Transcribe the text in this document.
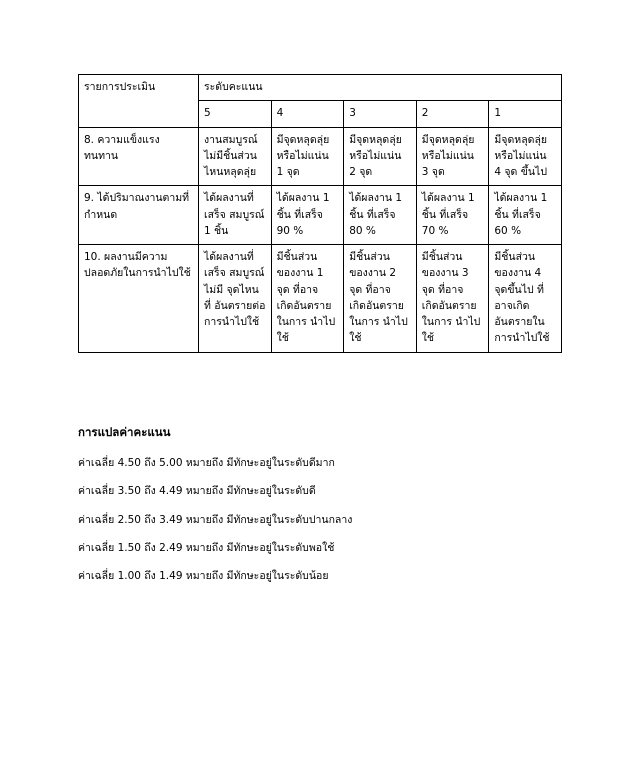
รายการประเมิน	ระดับคะแนน				
	5	4	3	2	1
8. ความแข็งแรงทนทาน	งานสมบูรณ์ ไม่มีชิ้นส่วน ไหนหลุดลุ่ย	มีจุดหลุดลุ่ย หรือไม่แน่น 1 จุด	มีจุดหลุดลุ่ย หรือไม่แน่น 2 จุด	มีจุดหลุดลุ่ย หรือไม่แน่น 3 จุด	มีจุดหลุดลุ่ย หรือไม่แน่น 4 จุด ขึ้นไป
9. ได้ปริมาณงานตามที่กำหนด	ได้ผลงานที่ เสร็จ สมบูรณ์ 1 ชิ้น	ได้ผลงาน 1 ชิ้น ที่เสร็จ 90 %	ได้ผลงาน 1 ชิ้น ที่เสร็จ 80 %	ได้ผลงาน 1 ชิ้น ที่เสร็จ 70 %	ได้ผลงาน 1 ชิ้น ที่เสร็จ 60 %
10. ผลงานมีความปลอดภัยในการนำไปใช้	ได้ผลงานที่ เสร็จ สมบูรณ์ไม่มี จุดไหนที่ อันตรายต่อ การนำไปใช้	มีชิ้นส่วน ของงาน 1 จุด ที่อาจ เกิดอันตราย ในการ นำไปใช้	มีชิ้นส่วน ของงาน 2 จุด ที่อาจ เกิดอันตราย ในการ นำไปใช้	มีชิ้นส่วน ของงาน 3 จุด ที่อาจ เกิดอันตราย ในการ นำไปใช้	มีชิ้นส่วน ของงาน 4 จุดขึ้นไป ที่ อาจเกิด อันตรายใน การนำไปใช้

การแปลค่าคะแนน

ค่าเฉลี่ย 4.50 ถึง 5.00 หมายถึง มีทักษะอยู่ในระดับดีมาก

ค่าเฉลี่ย 3.50 ถึง 4.49 หมายถึง มีทักษะอยู่ในระดับดี

ค่าเฉลี่ย 2.50 ถึง 3.49 หมายถึง มีทักษะอยู่ในระดับปานกลาง

ค่าเฉลี่ย 1.50 ถึง 2.49 หมายถึง มีทักษะอยู่ในระดับพอใช้

ค่าเฉลี่ย 1.00 ถึง 1.49 หมายถึง มีทักษะอยู่ในระดับน้อย
